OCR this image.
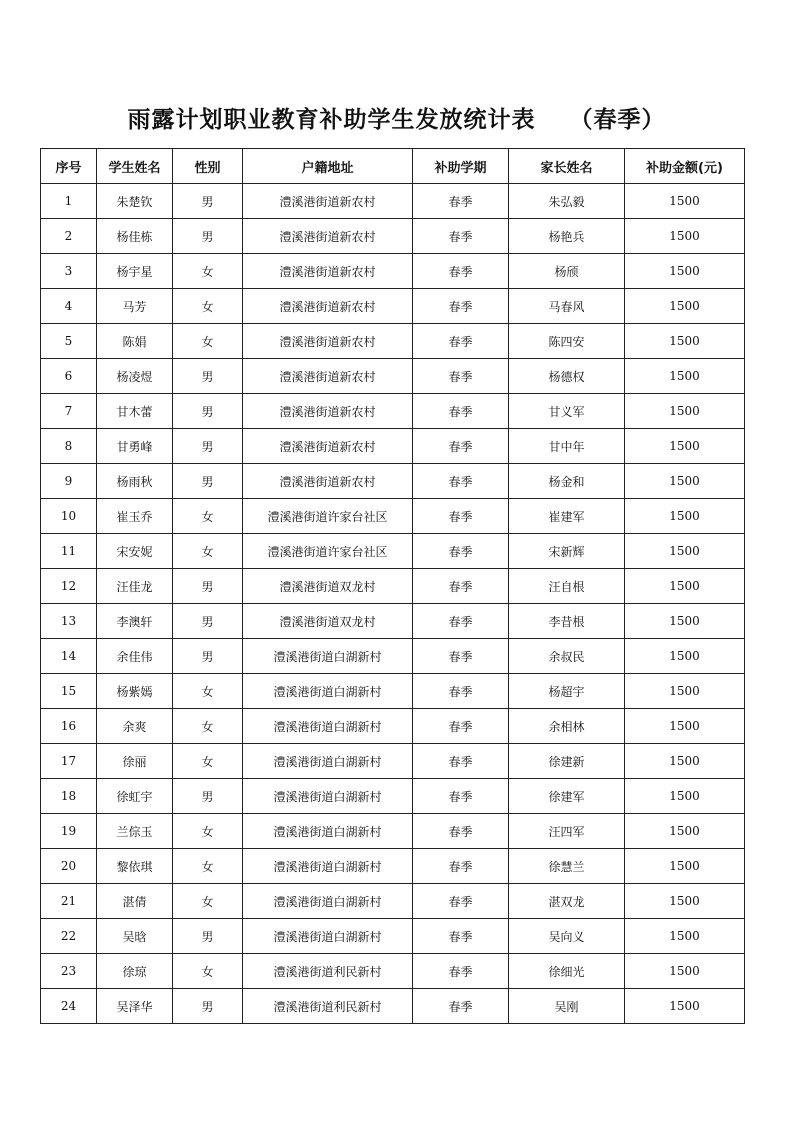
雨露计划职业教育补助学生发放统计表 （春季）
序号	学生姓名	性别	户籍地址	补助学期	家长姓名	补助金额(元)
1	朱楚钦	男	澧溪港街道新农村	春季	朱弘毅	1500
2	杨佳栋	男	澧溪港街道新农村	春季	杨艳兵	1500
3	杨宇星	女	澧溪港街道新农村	春季	杨颀	1500
4	马芳	女	澧溪港街道新农村	春季	马春风	1500
5	陈娟	女	澧溪港街道新农村	春季	陈四安	1500
6	杨凌煜	男	澧溪港街道新农村	春季	杨德权	1500
7	甘木蕾	男	澧溪港街道新农村	春季	甘义军	1500
8	甘勇峰	男	澧溪港街道新农村	春季	甘中年	1500
9	杨雨秋	男	澧溪港街道新农村	春季	杨金和	1500
10	崔玉乔	女	澧溪港街道许家台社区	春季	崔建军	1500
11	宋安妮	女	澧溪港街道许家台社区	春季	宋新辉	1500
12	汪佳龙	男	澧溪港街道双龙村	春季	汪自根	1500
13	李澳轩	男	澧溪港街道双龙村	春季	李昔根	1500
14	余佳伟	男	澧溪港街道白湖新村	春季	余叔民	1500
15	杨紫嫣	女	澧溪港街道白湖新村	春季	杨超宇	1500
16	余爽	女	澧溪港街道白湖新村	春季	余相林	1500
17	徐丽	女	澧溪港街道白湖新村	春季	徐建新	1500
18	徐虹宇	男	澧溪港街道白湖新村	春季	徐建军	1500
19	兰倧玉	女	澧溪港街道白湖新村	春季	汪四军	1500
20	黎依琪	女	澧溪港街道白湖新村	春季	徐慧兰	1500
21	湛倩	女	澧溪港街道白湖新村	春季	湛双龙	1500
22	吴晗	男	澧溪港街道白湖新村	春季	吴向义	1500
23	徐琼	女	澧溪港街道利民新村	春季	徐细光	1500
24	吴泽华	男	澧溪港街道利民新村	春季	吴刚	1500
